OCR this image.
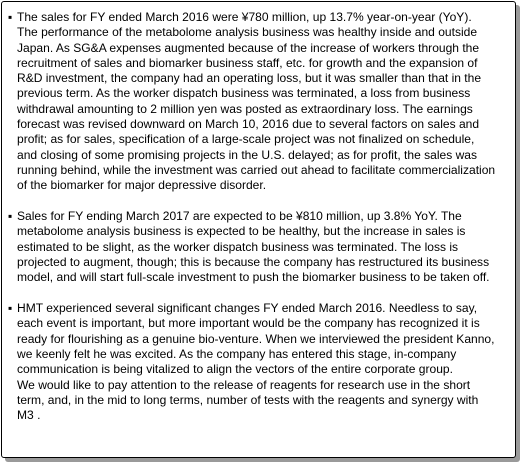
▪ The sales for FY ended March 2016 were ¥780 million, up 13.7% year-on-year (YoY).
The performance of the metabolome analysis business was healthy inside and outside
Japan. As SG&A expenses augmented because of the increase of workers through the
recruitment of sales and biomarker business staff, etc. for growth and the expansion of
R&D investment, the company had an operating loss, but it was smaller than that in the
previous term. As the worker dispatch business was terminated, a loss from business
withdrawal amounting to 2 million yen was posted as extraordinary loss. The earnings
forecast was revised downward on March 10, 2016 due to several factors on sales and
profit; as for sales, specification of a large-scale project was not finalized on schedule,
and closing of some promising projects in the U.S. delayed; as for profit, the sales was
running behind, while the investment was carried out ahead to facilitate commercialization
of the biomarker for major depressive disorder.
▪ Sales for FY ending March 2017 are expected to be ¥810 million, up 3.8% YoY. The
metabolome analysis business is expected to be healthy, but the increase in sales is
estimated to be slight, as the worker dispatch business was terminated. The loss is
projected to augment, though; this is because the company has restructured its business
model, and will start full-scale investment to push the biomarker business to be taken off.
▪ HMT experienced several significant changes FY ended March 2016. Needless to say,
each event is important, but more important would be the company has recognized it is
ready for flourishing as a genuine bio-venture. When we interviewed the president Kanno,
we keenly felt he was excited. As the company has entered this stage, in-company
communication is being vitalized to align the vectors of the entire corporate group.
We would like to pay attention to the release of reagents for research use in the short
term, and, in the mid to long terms, number of tests with the reagents and synergy with
M3 .
